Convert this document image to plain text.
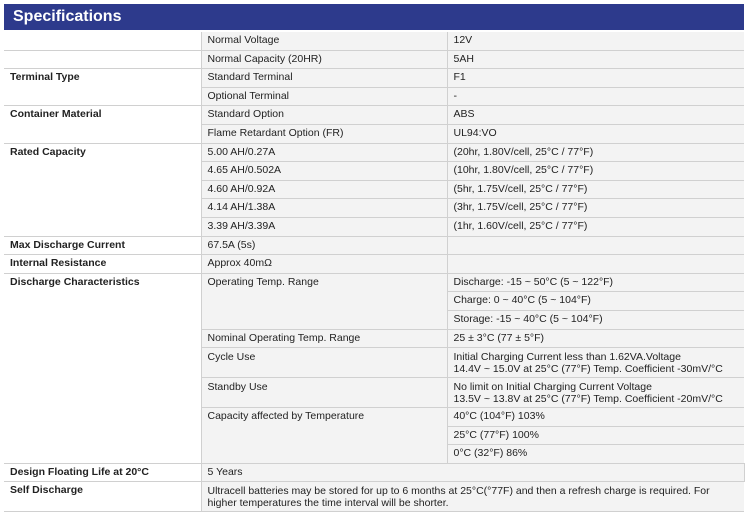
Specifications
	Normal Voltage	12V
	Normal Capacity (20HR)	5AH
Terminal Type	Standard Terminal	F1
	Optional Terminal	-
Container Material	Standard Option	ABS
	Flame Retardant Option (FR)	UL94:VO
Rated Capacity	5.00 AH/0.27A	(20hr, 1.80V/cell, 25°C / 77°F)
	4.65 AH/0.502A	(10hr, 1.80V/cell, 25°C / 77°F)
	4.60 AH/0.92A	(5hr, 1.75V/cell, 25°C / 77°F)
	4.14 AH/1.38A	(3hr, 1.75V/cell, 25°C / 77°F)
	3.39 AH/3.39A	(1hr, 1.60V/cell, 25°C / 77°F)
Max Discharge Current	67.5A (5s)	
Internal Resistance	Approx 40mΩ	
Discharge Characteristics	Operating Temp. Range	Discharge: -15 ~ 50°C (5 ~ 122°F)
		Charge: 0 ~ 40°C (5 ~ 104°F)
		Storage: -15 ~ 40°C (5 ~ 104°F)
	Nominal Operating Temp. Range	25 ± 3°C (77 ± 5°F)
	Cycle Use	Initial Charging Current less than 1.62VA.Voltage
14.4V ~ 15.0V at 25°C (77°F) Temp. Coefficient -30mV/°C

	Standby Use	No limit on Initial Charging Current Voltage
13.5V ~ 13.8V at 25°C (77°F) Temp. Coefficient -20mV/°C

	Capacity affected by Temperature	40°C (104°F) 103%
		25°C (77°F) 100%
		0°C (32°F) 86%
Design Floating Life at 20°C	5 Years	
Self Discharge	Ultracell batteries may be stored for up to 6 months at 25°C(°77F) and then a refresh charge is required. For
higher temperatures the time interval will be shorter.	
